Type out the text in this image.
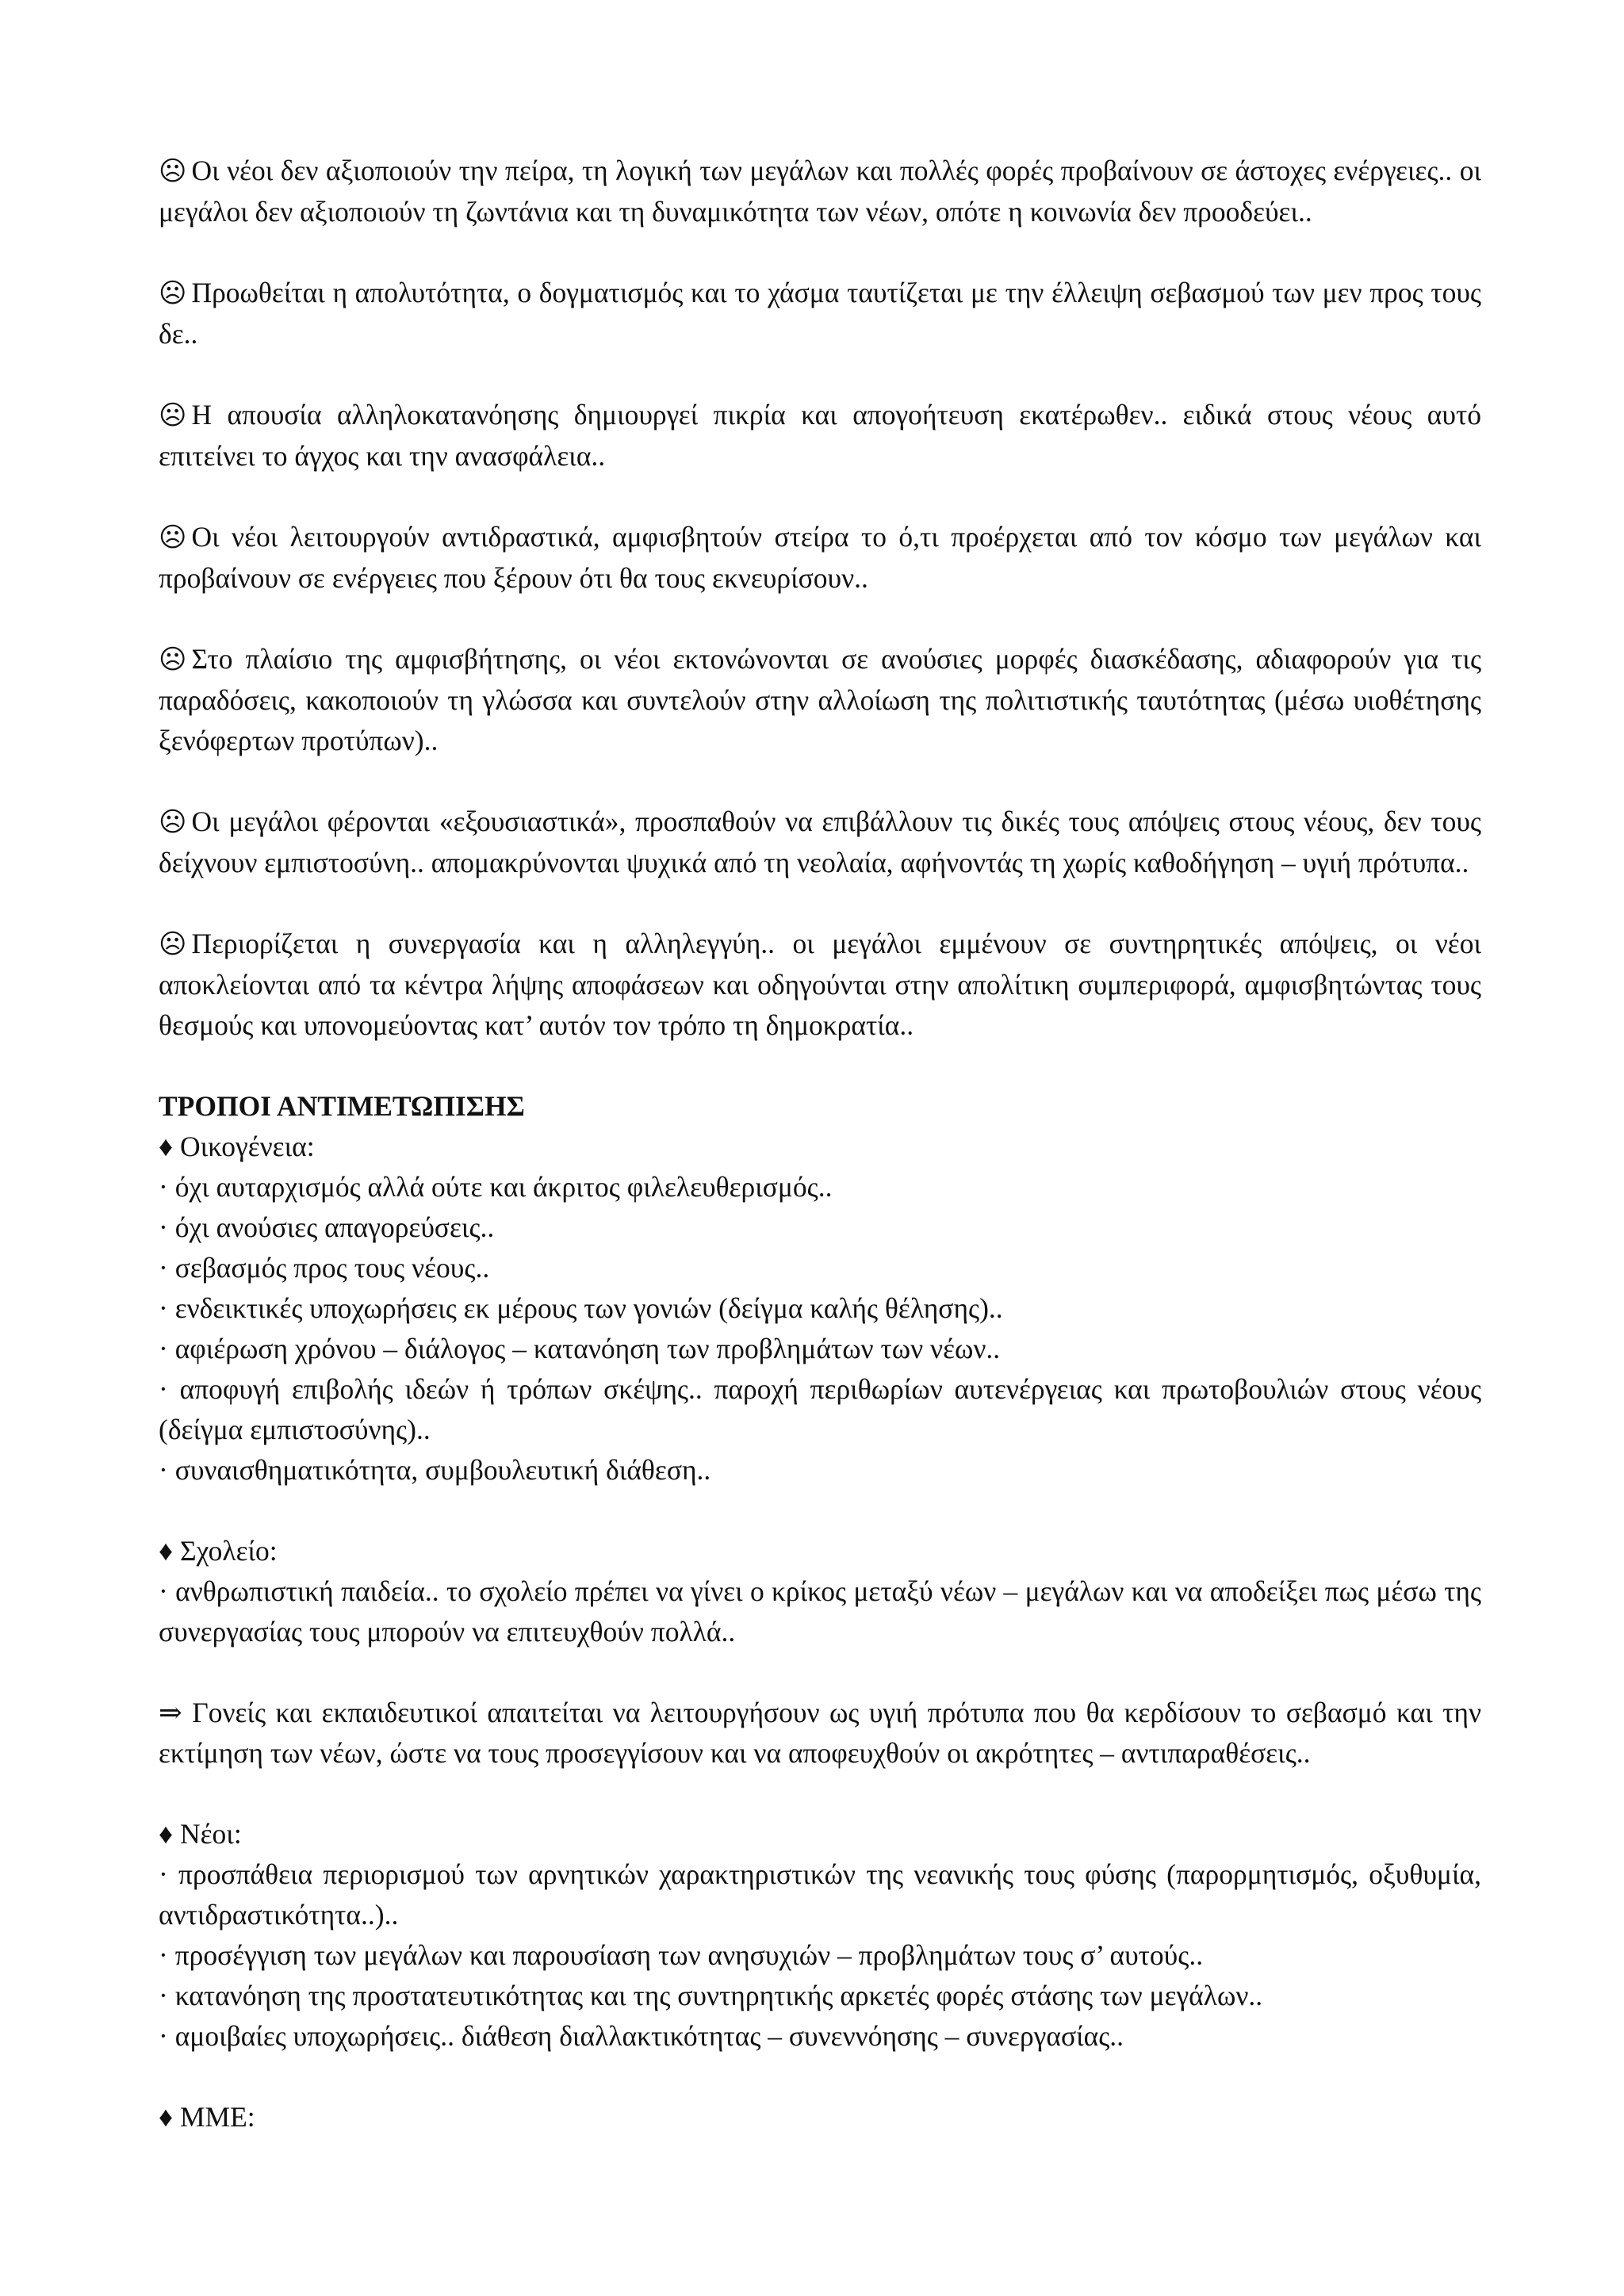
☹ Οι νέοι δεν αξιοποιούν την πείρα, τη λογική των μεγάλων και πολλές φορές προβαίνουν σε άστοχες ενέργειες.. οι μεγάλοι δεν αξιοποιούν τη ζωντάνια και τη δυναμικότητα των νέων, οπότε η κοινωνία δεν προοδεύει..

☹ Προωθείται η απολυτότητα, ο δογματισμός και το χάσμα ταυτίζεται με την έλλειψη σεβασμού των μεν προς τους δε..

☹ Η απουσία αλληλοκατανόησης δημιουργεί πικρία και απογοήτευση εκατέρωθεν.. ειδικά στους νέους αυτό επιτείνει το άγχος και την ανασφάλεια..

☹ Οι νέοι λειτουργούν αντιδραστικά, αμφισβητούν στείρα το ό,τι προέρχεται από τον κόσμο των μεγάλων και προβαίνουν σε ενέργειες που ξέρουν ότι θα τους εκνευρίσουν..

☹ Στο πλαίσιο της αμφισβήτησης, οι νέοι εκτονώνονται σε ανούσιες μορφές διασκέδασης, αδιαφορούν για τις παραδόσεις, κακοποιούν τη γλώσσα και συντελούν στην αλλοίωση της πολιτιστικής ταυτότητας (μέσω υιοθέτησης ξενόφερτων προτύπων)..

☹ Οι μεγάλοι φέρονται «εξουσιαστικά», προσπαθούν να επιβάλλουν τις δικές τους απόψεις στους νέους, δεν τους δείχνουν εμπιστοσύνη.. απομακρύνονται ψυχικά από τη νεολαία, αφήνοντάς τη χωρίς καθοδήγηση – υγιή πρότυπα..

☹ Περιορίζεται η συνεργασία και η αλληλεγγύη.. οι μεγάλοι εμμένουν σε συντηρητικές απόψεις, οι νέοι αποκλείονται από τα κέντρα λήψης αποφάσεων και οδηγούνται στην απολίτικη συμπεριφορά, αμφισβητώντας τους θεσμούς και υπονομεύοντας κατ’ αυτόν τον τρόπο τη δημοκρατία..

ΤΡΟΠΟΙ ΑΝΤΙΜΕΤΩΠΙΣΗΣ

♦ Οικογένεια:

· όχι αυταρχισμός αλλά ούτε και άκριτος φιλελευθερισμός..

· όχι ανούσιες απαγορεύσεις..

· σεβασμός προς τους νέους..

· ενδεικτικές υποχωρήσεις εκ μέρους των γονιών (δείγμα καλής θέλησης)..

· αφιέρωση χρόνου – διάλογος – κατανόηση των προβλημάτων των νέων..

· αποφυγή επιβολής ιδεών ή τρόπων σκέψης.. παροχή περιθωρίων αυτενέργειας και πρωτοβουλιών στους νέους (δείγμα εμπιστοσύνης)..

· συναισθηματικότητα, συμβουλευτική διάθεση..

♦ Σχολείο:

· ανθρωπιστική παιδεία.. το σχολείο πρέπει να γίνει ο κρίκος μεταξύ νέων – μεγάλων και να αποδείξει πως μέσω της συνεργασίας τους μπορούν να επιτευχθούν πολλά..

⇒ Γονείς και εκπαιδευτικοί απαιτείται να λειτουργήσουν ως υγιή πρότυπα που θα κερδίσουν το σεβασμό και την εκτίμηση των νέων, ώστε να τους προσεγγίσουν και να αποφευχθούν οι ακρότητες – αντιπαραθέσεις..

♦ Νέοι:

· προσπάθεια περιορισμού των αρνητικών χαρακτηριστικών της νεανικής τους φύσης (παρορμητισμός, οξυθυμία, αντιδραστικότητα..)..

· προσέγγιση των μεγάλων και παρουσίαση των ανησυχιών – προβλημάτων τους σ’ αυτούς..

· κατανόηση της προστατευτικότητας και της συντηρητικής αρκετές φορές στάσης των μεγάλων..

· αμοιβαίες υποχωρήσεις.. διάθεση διαλλακτικότητας – συνεννόησης – συνεργασίας..

♦ ΜΜΕ:
